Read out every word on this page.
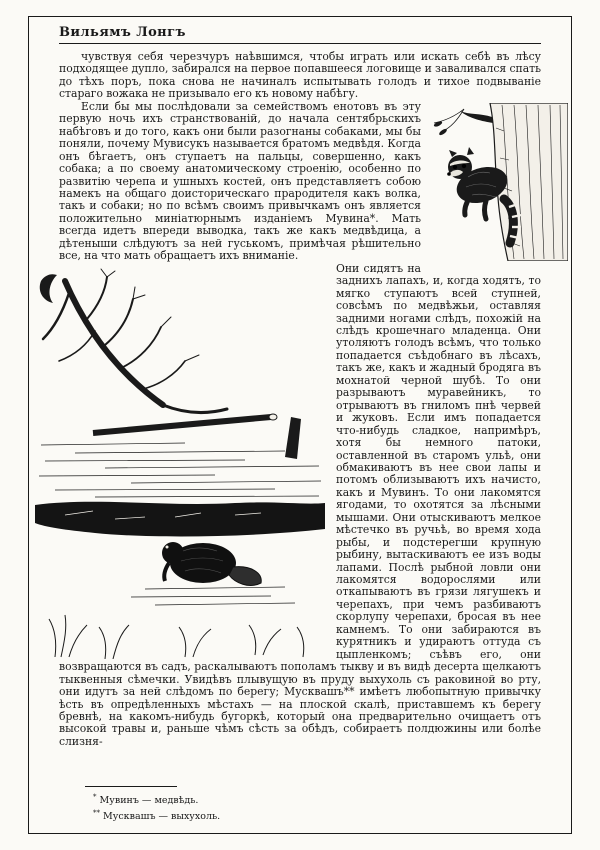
Вильямъ Лонгъ

чувствуя себя черезчуръ наѣвшимся, чтобы играть или искать себѣ въ лѣсу подходящее дупло, забирался на первое попавшееся логовище и заваливался спать до тѣхъ поръ, пока снова не начиналъ испытывать голодъ и тихое подвываніе стараго вожака не призывало его къ новому набѣгу.

Если бы мы послѣдовали за семействомъ енотовъ въ эту первую ночь ихъ странствованій, до начала сентябрьскихъ набѣговъ и до того, какъ они были разогнаны собаками, мы бы поняли, почему Мувисукъ называется братомъ медвѣдя. Когда онъ бѣгаетъ, онъ ступаетъ на пальцы, совершенно, какъ собака; а по своему анатомическому строенію, особенно по развитію черепа и ушныхъ костей, онъ представляетъ собою намекъ на общаго доисторическаго прародителя какъ волка, такъ и собаки; но по всѣмъ своимъ привычкамъ онъ является положительно миніатюрнымъ изданіемъ Мувина*. Мать всегда идетъ впереди выводка, такъ же какъ медвѣдица, а дѣтеныши слѣдуютъ за ней гуськомъ, примѣчая рѣшительно все, на что мать обращаетъ ихъ вниманіе.

Они сидятъ на заднихъ лапахъ, и, когда ходятъ, то мягко ступаютъ всей ступней, совсѣмъ по медвѣжьи, оставляя задними ногами слѣдъ, похожій на слѣдъ крошечнаго младенца. Они утоляютъ голодъ всѣмъ, что только попадается съѣдобнаго въ лѣсахъ, такъ же, какъ и жадный бродяга въ мохнатой черной шубѣ. То они разрываютъ муравейникъ, то отрываютъ въ гниломъ пнѣ червей и жуковъ. Если имъ попадается что-нибудь сладкое, напримѣръ, хотя бы немного патоки, оставленной въ старомъ ульѣ, они обмакиваютъ въ нее свои лапы и потомъ облизываютъ ихъ начисто, какъ и Мувинъ. То они лакомятся ягодами, то охотятся за лѣсными мышами. Они отыскиваютъ мелкое мѣстечко въ ручьѣ, во время хода рыбы, и подстерегши крупную рыбину, вытаскиваютъ ее изъ воды лапами. Послѣ рыбной ловли они лакомятся водорослями или откапываютъ въ грязи лягушекъ и черепахъ, при чемъ разбиваютъ скорлупу черепахи, бросая въ нее камнемъ. То они забираются въ курятникъ и удираютъ оттуда съ цыпленкомъ; съѣвъ его, они возвращаются въ садъ, раскалываютъ пополамъ тыкву и въ видѣ десерта щелкаютъ тыквенныя сѣмечки. Увидѣвъ плывущую въ пруду выхухоль съ раковиной во рту, они идутъ за ней слѣдомъ по берегу; Мусквашъ** имѣетъ любопытную привычку ѣсть въ опредѣленныхъ мѣстахъ — на плоской скалѣ, приставшемъ къ берегу бревнѣ, на какомъ-нибудь бугоркѣ, который она предварительно очищаетъ отъ высокой травы и, раньше чѣмъ сѣсть за обѣдъ, собираетъ полдюжины или болѣе слизня-

* Мувинъ — медвѣдь.
** Мусквашъ — выхухоль.
